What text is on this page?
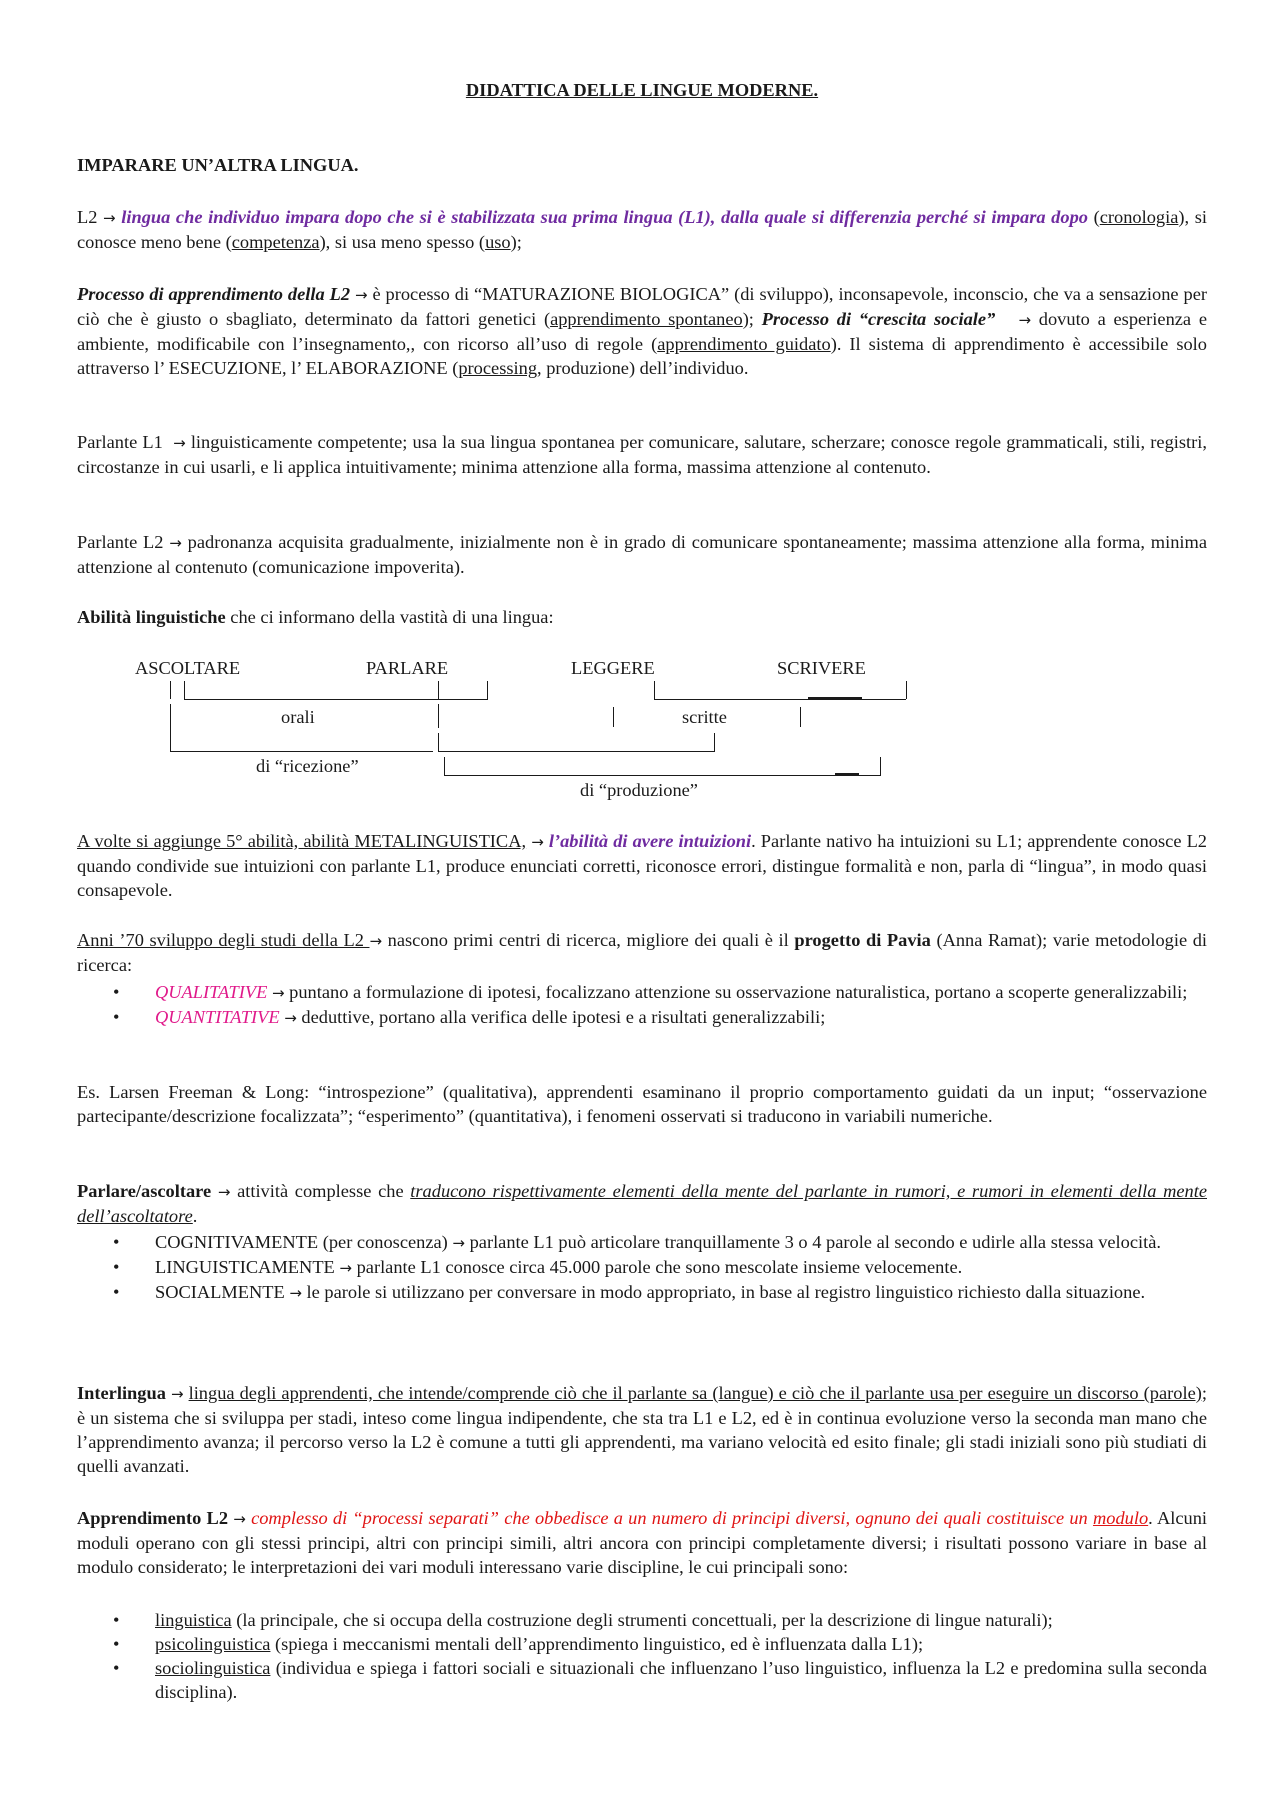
DIDATTICA DELLE LINGUE MODERNE.

IMPARARE UN’ALTRA LINGUA.

L2 → lingua che individuo impara dopo che si è stabilizzata sua prima lingua (L1), dalla quale si differenzia perché si impara dopo (cronologia), si conosce meno bene (competenza), si usa meno spesso (uso);

Processo di apprendimento della L2 → è processo di “MATURAZIONE BIOLOGICA” (di sviluppo), inconsapevole, inconscio, che va a sensazione per ciò che è giusto o sbagliato, determinato da fattori genetici (apprendimento spontaneo); Processo di “crescita sociale” → dovuto a esperienza e ambiente, modificabile con l’insegnamento,, con ricorso all’uso di regole (apprendimento guidato). Il sistema di apprendimento è accessibile solo attraverso l’ ESECUZIONE, l’ ELABORAZIONE (processing, produzione) dell’individuo.

Parlante L1  → linguisticamente competente; usa la sua lingua spontanea per comunicare, salutare, scherzare; conosce regole grammaticali, stili, registri, circostanze in cui usarli, e li applica intuitivamente; minima attenzione alla forma, massima attenzione al contenuto.

Parlante L2 → padronanza acquisita gradualmente, inizialmente non è in grado di comunicare spontaneamente; massima attenzione alla forma, minima attenzione al contenuto (comunicazione impoverita).

Abilità linguistiche che ci informano della vastità di una lingua:

ASCOLTARE	PARLARE	LEGGERE	SCRIVERE
orali	scritte
di “ricezione”
di “produzione”

A volte si aggiunge 5° abilità, abilità METALINGUISTICA, → l’abilità di avere intuizioni. Parlante nativo ha intuizioni su L1; apprendente conosce L2 quando condivide sue intuizioni con parlante L1, produce enunciati corretti, riconosce errori, distingue formalità e non, parla di “lingua”, in modo quasi consapevole.

Anni ’70 sviluppo degli studi della L2 → nascono primi centri di ricerca, migliore dei quali è il progetto di Pavia (Anna Ramat); varie metodologie di ricerca:

• QUALITATIVE → puntano a formulazione di ipotesi, focalizzano attenzione su osservazione naturalistica, portano a scoperte generalizzabili;
• QUANTITATIVE → deduttive, portano alla verifica delle ipotesi e a risultati generalizzabili;

Es. Larsen Freeman & Long: “introspezione” (qualitativa), apprendenti esaminano il proprio comportamento guidati da un input; “osservazione partecipante/descrizione focalizzata”; “esperimento” (quantitativa), i fenomeni osservati si traducono in variabili numeriche.

Parlare/ascoltare → attività complesse che traducono rispettivamente elementi della mente del parlante in rumori, e rumori in elementi della mente dell’ascoltatore.

• COGNITIVAMENTE (per conoscenza) → parlante L1 può articolare tranquillamente 3 o 4 parole al secondo e udirle alla stessa velocità.
• LINGUISTICAMENTE → parlante L1 conosce circa 45.000 parole che sono mescolate insieme velocemente.
• SOCIALMENTE → le parole si utilizzano per conversare in modo appropriato, in base al registro linguistico richiesto dalla situazione.

Interlingua → lingua degli apprendenti, che intende/comprende ciò che il parlante sa (langue) e ciò che il parlante usa per eseguire un discorso (parole); è un sistema che si sviluppa per stadi, inteso come lingua indipendente, che sta tra L1 e L2, ed è in continua evoluzione verso la seconda man mano che l’apprendimento avanza; il percorso verso la L2 è comune a tutti gli apprendenti, ma variano velocità ed esito finale; gli stadi iniziali sono più studiati di quelli avanzati.

Apprendimento L2 → complesso di “processi separati” che obbedisce a un numero di principi diversi, ognuno dei quali costituisce un modulo. Alcuni moduli operano con gli stessi principi, altri con principi simili, altri ancora con principi completamente diversi; i risultati possono variare in base al modulo considerato; le interpretazioni dei vari moduli interessano varie discipline, le cui principali sono:

• linguistica (la principale, che si occupa della costruzione degli strumenti concettuali, per la descrizione di lingue naturali);
• psicolinguistica (spiega i meccanismi mentali dell’apprendimento linguistico, ed è influenzata dalla L1);
• sociolinguistica (individua e spiega i fattori sociali e situazionali che influenzano l’uso linguistico, influenza la L2 e predomina sulla seconda disciplina).
